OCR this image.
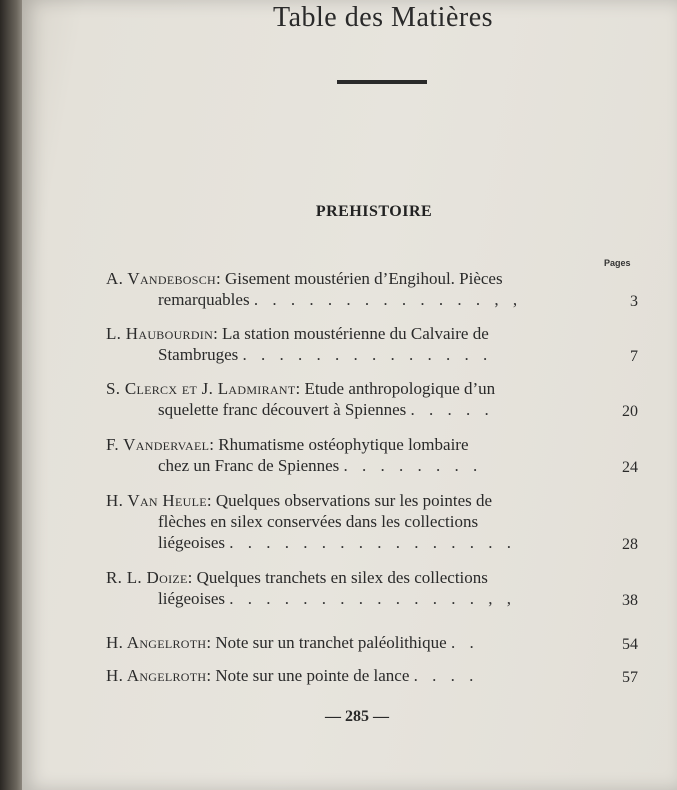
Table des Matières
PREHISTOIRE
Pages
A. Vandebosch: Gisement moustérien d’Engihoul. Pièces
remarquables . . . . . . . . . . . . . , ,	3
L. Haubourdin: La station moustérienne du Calvaire de
Stambruges . . . . . . . . . . . . . .	7
S. Clercx et J. Ladmirant: Etude anthropologique d’un
squelette franc découvert à Spiennes . . . . .	20
F. Vandervael: Rhumatisme ostéophytique lombaire
chez un Franc de Spiennes . . . . . . . .	24
H. Van Heule: Quelques observations sur les pointes de
flèches en silex conservées dans les collections
liégeoises . . . . . . . . . . . . . . . .	28
R. L. Doize: Quelques tranchets en silex des collections
liégeoises . . . . . . . . . . . . . . , ,	38
H. Angelroth: Note sur un tranchet paléolithique . .	54
H. Angelroth: Note sur une pointe de lance . . . .	57
— 285 —
